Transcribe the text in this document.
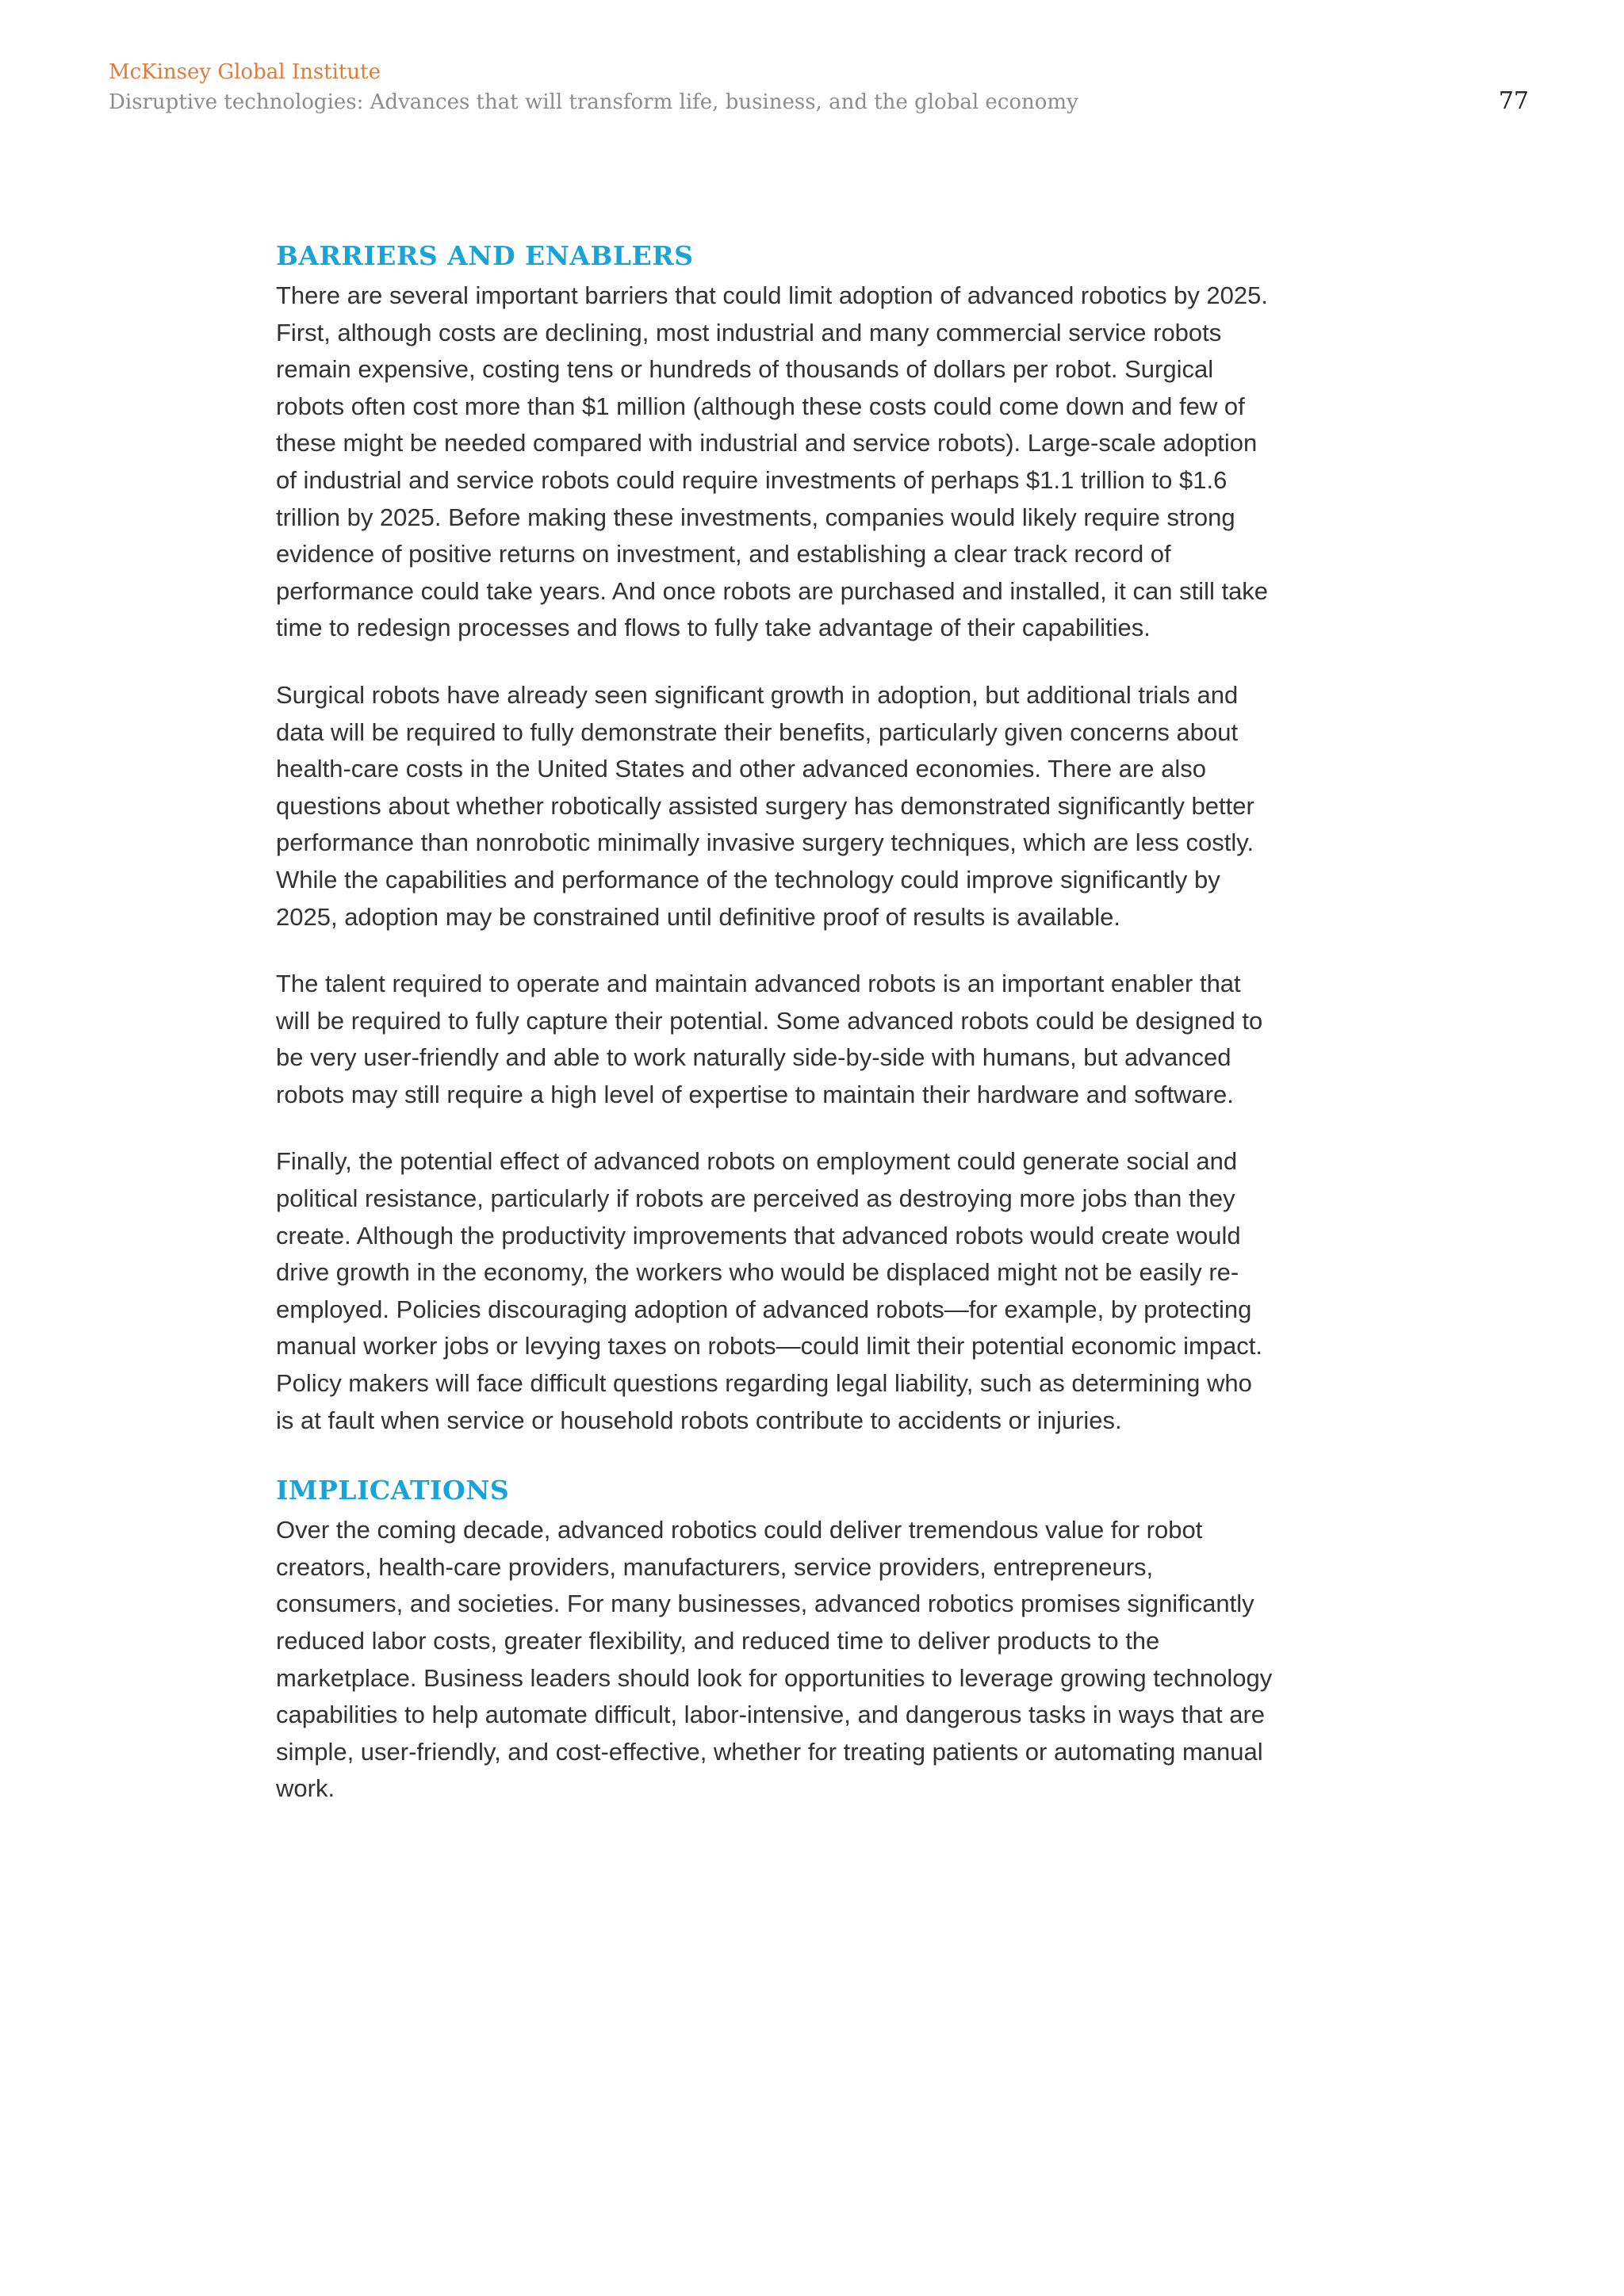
McKinsey Global Institute
Disruptive technologies: Advances that will transform life, business, and the global economy	77
BARRIERS AND ENABLERS

There are several important barriers that could limit adoption of advanced robotics by 2025. First, although costs are declining, most industrial and many commercial service robots remain expensive, costing tens or hundreds of thousands of dollars per robot. Surgical robots often cost more than $1 million (although these costs could come down and few of these might be needed compared with industrial and service robots). Large-scale adoption of industrial and service robots could require investments of perhaps $1.1 trillion to $1.6 trillion by 2025. Before making these investments, companies would likely require strong evidence of positive returns on investment, and establishing a clear track record of performance could take years. And once robots are purchased and installed, it can still take time to redesign processes and flows to fully take advantage of their capabilities.

Surgical robots have already seen significant growth in adoption, but additional trials and data will be required to fully demonstrate their benefits, particularly given concerns about health-care costs in the United States and other advanced economies. There are also questions about whether robotically assisted surgery has demonstrated significantly better performance than nonrobotic minimally invasive surgery techniques, which are less costly. While the capabilities and performance of the technology could improve significantly by 2025, adoption may be constrained until definitive proof of results is available.

The talent required to operate and maintain advanced robots is an important enabler that will be required to fully capture their potential. Some advanced robots could be designed to be very user-friendly and able to work naturally side-by-side with humans, but advanced robots may still require a high level of expertise to maintain their hardware and software.

Finally, the potential effect of advanced robots on employment could generate social and political resistance, particularly if robots are perceived as destroying more jobs than they create. Although the productivity improvements that advanced robots would create would drive growth in the economy, the workers who would be displaced might not be easily re-employed. Policies discouraging adoption of advanced robots—for example, by protecting manual worker jobs or levying taxes on robots—could limit their potential economic impact. Policy makers will face difficult questions regarding legal liability, such as determining who is at fault when service or household robots contribute to accidents or injuries.

IMPLICATIONS

Over the coming decade, advanced robotics could deliver tremendous value for robot creators, health-care providers, manufacturers, service providers, entrepreneurs, consumers, and societies. For many businesses, advanced robotics promises significantly reduced labor costs, greater flexibility, and reduced time to deliver products to the marketplace. Business leaders should look for opportunities to leverage growing technology capabilities to help automate difficult, labor-intensive, and dangerous tasks in ways that are simple, user-friendly, and cost-effective, whether for treating patients or automating manual work.
